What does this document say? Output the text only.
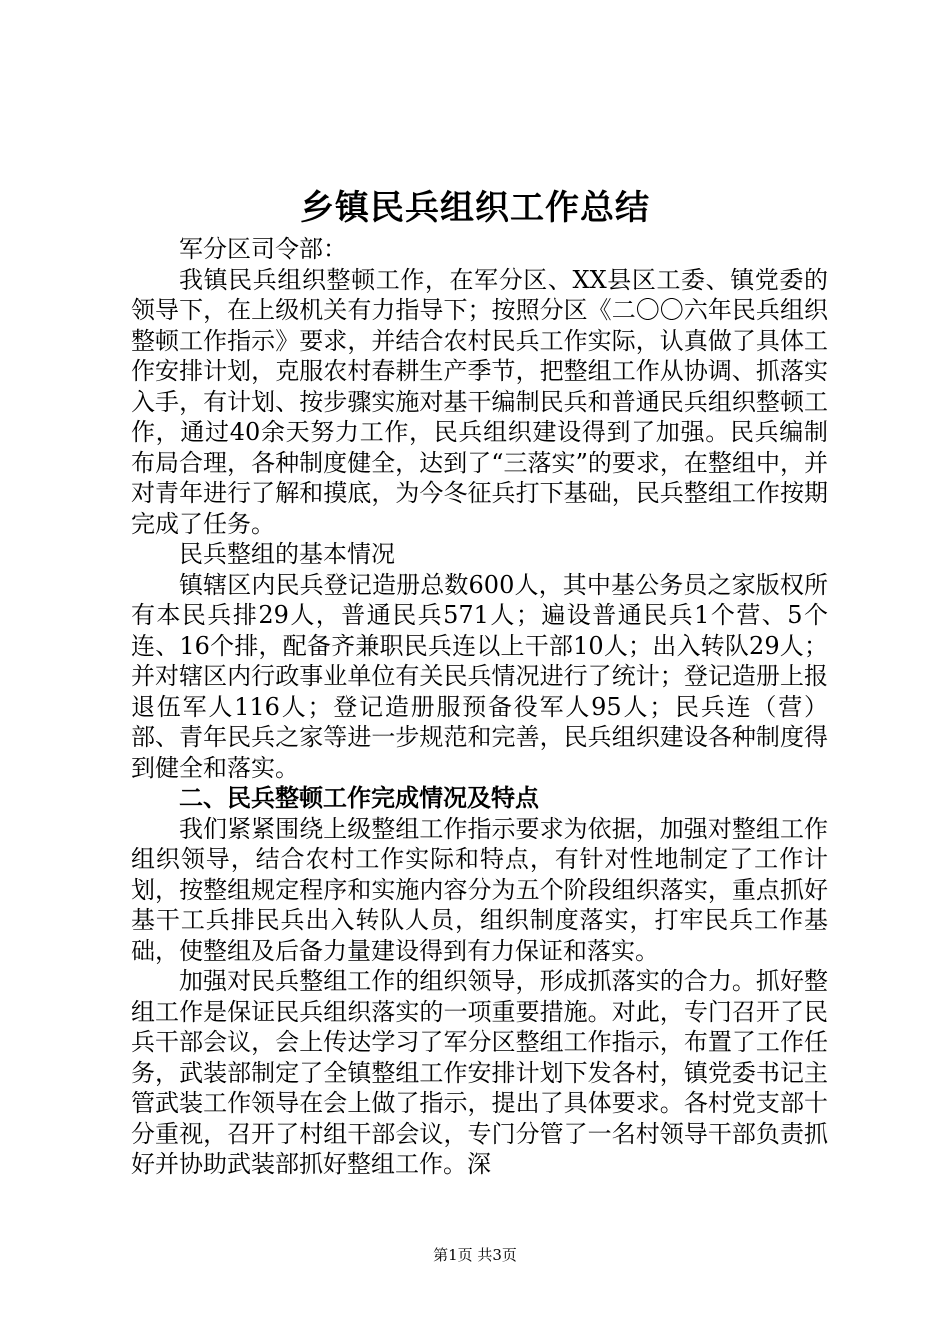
乡镇民兵组织工作总结

军分区司令部：

我镇民兵组织整顿工作，在军分区、XX县区工委、镇党委的领导下，在上级机关有力指导下；按照分区《二〇〇六年民兵组织整顿工作指示》要求，并结合农村民兵工作实际，认真做了具体工作安排计划，克服农村春耕生产季节，把整组工作从协调、抓落实入手，有计划、按步骤实施对基干编制民兵和普通民兵组织整顿工作，通过40余天努力工作，民兵组织建设得到了加强。民兵编制布局合理，各种制度健全，达到了“三落实”的要求，在整组中，并对青年进行了解和摸底，为今冬征兵打下基础，民兵整组工作按期完成了任务。

民兵整组的基本情况

镇辖区内民兵登记造册总数600人，其中基公务员之家版权所有本民兵排29人，普通民兵571人；遍设普通民兵1个营、5个连、16个排，配备齐兼职民兵连以上干部10人；出入转队29人；并对辖区内行政事业单位有关民兵情况进行了统计；登记造册上报退伍军人116人；登记造册服预备役军人95人；民兵连（营）部、青年民兵之家等进一步规范和完善，民兵组织建设各种制度得到健全和落实。

二、民兵整顿工作完成情况及特点

我们紧紧围绕上级整组工作指示要求为依据，加强对整组工作组织领导，结合农村工作实际和特点，有针对性地制定了工作计划，按整组规定程序和实施内容分为五个阶段组织落实，重点抓好基干工兵排民兵出入转队人员，组织制度落实，打牢民兵工作基础，使整组及后备力量建设得到有力保证和落实。

加强对民兵整组工作的组织领导，形成抓落实的合力。抓好整组工作是保证民兵组织落实的一项重要措施。对此，专门召开了民兵干部会议，会上传达学习了军分区整组工作指示，布置了工作任务，武装部制定了全镇整组工作安排计划下发各村，镇党委书记主管武装工作领导在会上做了指示，提出了具体要求。各村党支部十分重视，召开了村组干部会议，专门分管了一名村领导干部负责抓好并协助武装部抓好整组工作。深

第1页 共3页
